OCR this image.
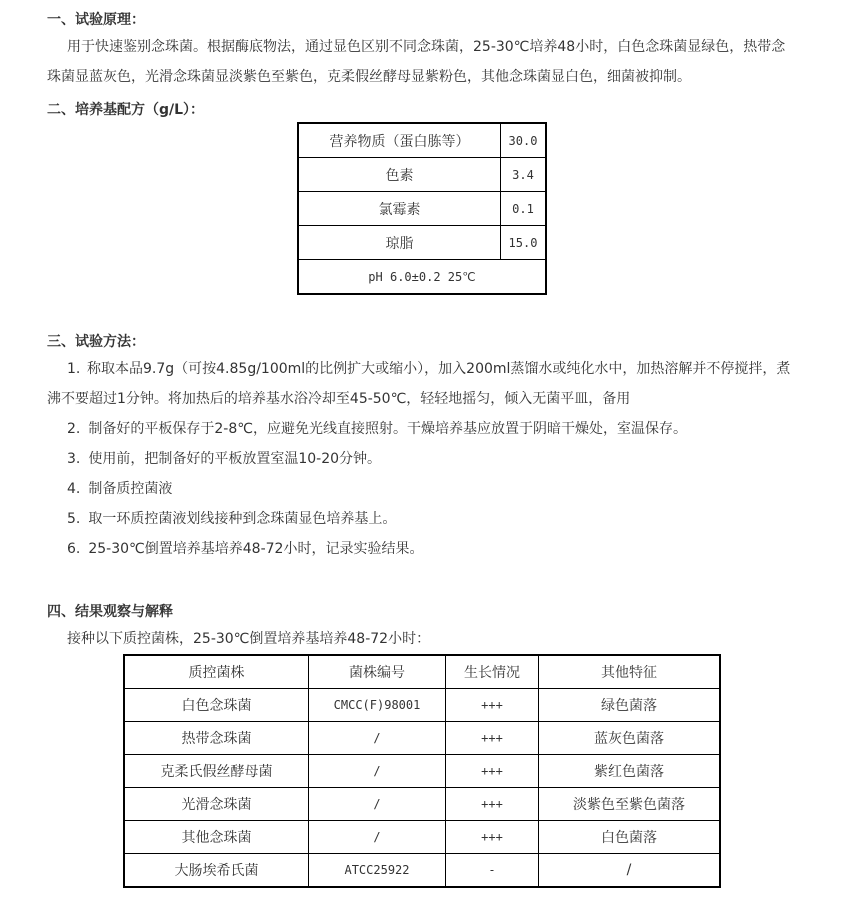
一、试验原理：
用于快速鉴别念珠菌。根据酶底物法，通过显色区别不同念珠菌，25-30℃培养48小时，白色念珠菌显绿色，热带念珠菌显蓝灰色，光滑念珠菌显淡紫色至紫色，克柔假丝酵母显紫粉色，其他念珠菌显白色，细菌被抑制。
二、培养基配方（g/L）：
营养物质（蛋白胨等）	30.0
色素	3.4
氯霉素	0.1
琼脂	15.0
pH 6.0±0.2 25℃	
三、试验方法：
1. 称取本品9.7g（可按4.85g/100ml的比例扩大或缩小），加入200ml蒸馏水或纯化水中，加热溶解并不停搅拌，煮沸不要超过1分钟。将加热后的培养基水浴冷却至45-50℃，轻轻地摇匀，倾入无菌平皿，备用
2. 制备好的平板保存于2-8℃，应避免光线直接照射。干燥培养基应放置于阴暗干燥处，室温保存。
3. 使用前，把制备好的平板放置室温10-20分钟。
4. 制备质控菌液
5. 取一环质控菌液划线接种到念珠菌显色培养基上。
6. 25-30℃倒置培养基培养48-72小时，记录实验结果。
四、结果观察与解释
接种以下质控菌株，25-30℃倒置培养基培养48-72小时：
质控菌株	菌株编号	生长情况	其他特征
白色念珠菌	CMCC(F)98001	+++	绿色菌落
热带念珠菌	/	+++	蓝灰色菌落
克柔氏假丝酵母菌	/	+++	紫红色菌落
光滑念珠菌	/	+++	淡紫色至紫色菌落
其他念珠菌	/	+++	白色菌落
大肠埃希氏菌	ATCC25922	-	/
